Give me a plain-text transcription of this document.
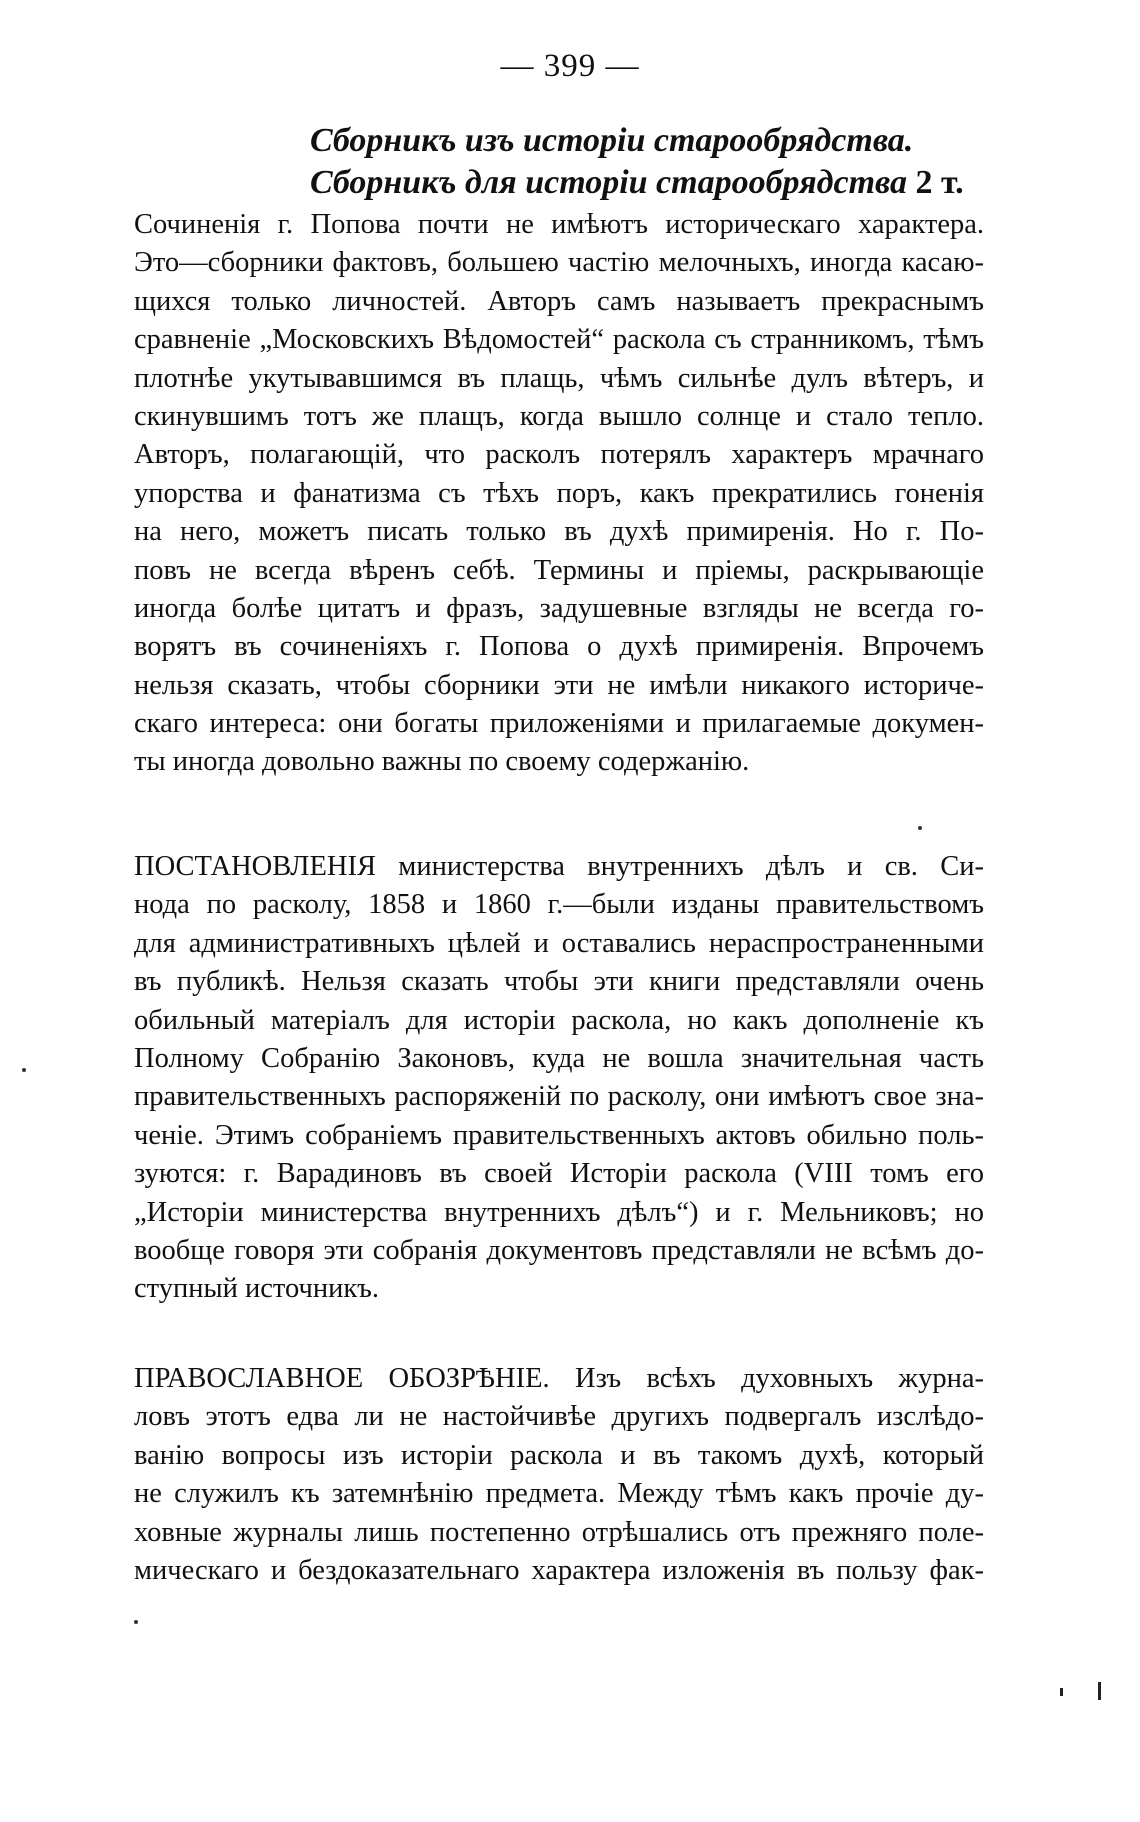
— 399 —
Сборникъ изъ исторіи старообрядства.
Сборникъ для исторіи старообрядства 2 т.
Сочиненія г. Попова почти не имѣютъ историческаго характера.
Это—сборники фактовъ, большею частію мелочныхъ, иногда касаю-
щихся только личностей. Авторъ самъ называетъ прекраснымъ
сравненіе „Московскихъ Вѣдомостей“ раскола съ странникомъ, тѣмъ
плотнѣе укутывавшимся въ плащь, чѣмъ сильнѣе дулъ вѣтеръ, и
скинувшимъ тотъ же плащъ, когда вышло солнце и стало тепло.
Авторъ, полагающій, что расколъ потерялъ характеръ мрачнаго
упорства и фанатизма съ тѣхъ поръ, какъ прекратились гоненія
на него, можетъ писать только въ духѣ примиренія. Но г. По-
повъ не всегда вѣренъ себѣ. Термины и пріемы, раскрывающіе
иногда болѣе цитатъ и фразъ, задушевные взгляды не всегда го-
ворятъ въ сочиненіяхъ г. Попова о духѣ примиренія. Впрочемъ
нельзя сказать, чтобы сборники эти не имѣли никакого историче-
скаго интереса: они богаты приложеніями и прилагаемые докумен-
ты иногда довольно важны по своему содержанію.
ПОСТАНОВЛЕНІЯ министерства внутреннихъ дѣлъ и св. Си-
нода по расколу, 1858 и 1860 г.—были изданы правительствомъ
для административныхъ цѣлей и оставались нераспространенными
въ публикѣ. Нельзя сказать чтобы эти книги представляли очень
обильный матеріалъ для исторіи раскола, но какъ дополненіе къ
Полному Собранію Законовъ, куда не вошла значительная часть
правительственныхъ распоряженій по расколу, они имѣютъ свое зна-
ченіе. Этимъ собраніемъ правительственныхъ актовъ обильно поль-
зуются: г. Варадиновъ въ своей Исторіи раскола (VIII томъ его
„Исторіи министерства внутреннихъ дѣлъ“) и г. Мельниковъ; но
вообще говоря эти собранія документовъ представляли не всѣмъ до-
ступный источникъ.
ПРАВОСЛАВНОЕ ОБОЗРѢНІЕ. Изъ всѣхъ духовныхъ журна-
ловъ этотъ едва ли не настойчивѣе другихъ подвергалъ изслѣдо-
ванію вопросы изъ исторіи раскола и въ такомъ духѣ, который
не служилъ къ затемнѣнію предмета. Между тѣмъ какъ прочіе ду-
ховные журналы лишь постепенно отрѣшались отъ прежняго поле-
мическаго и бездоказательнаго характера изложенія въ пользу фак-
